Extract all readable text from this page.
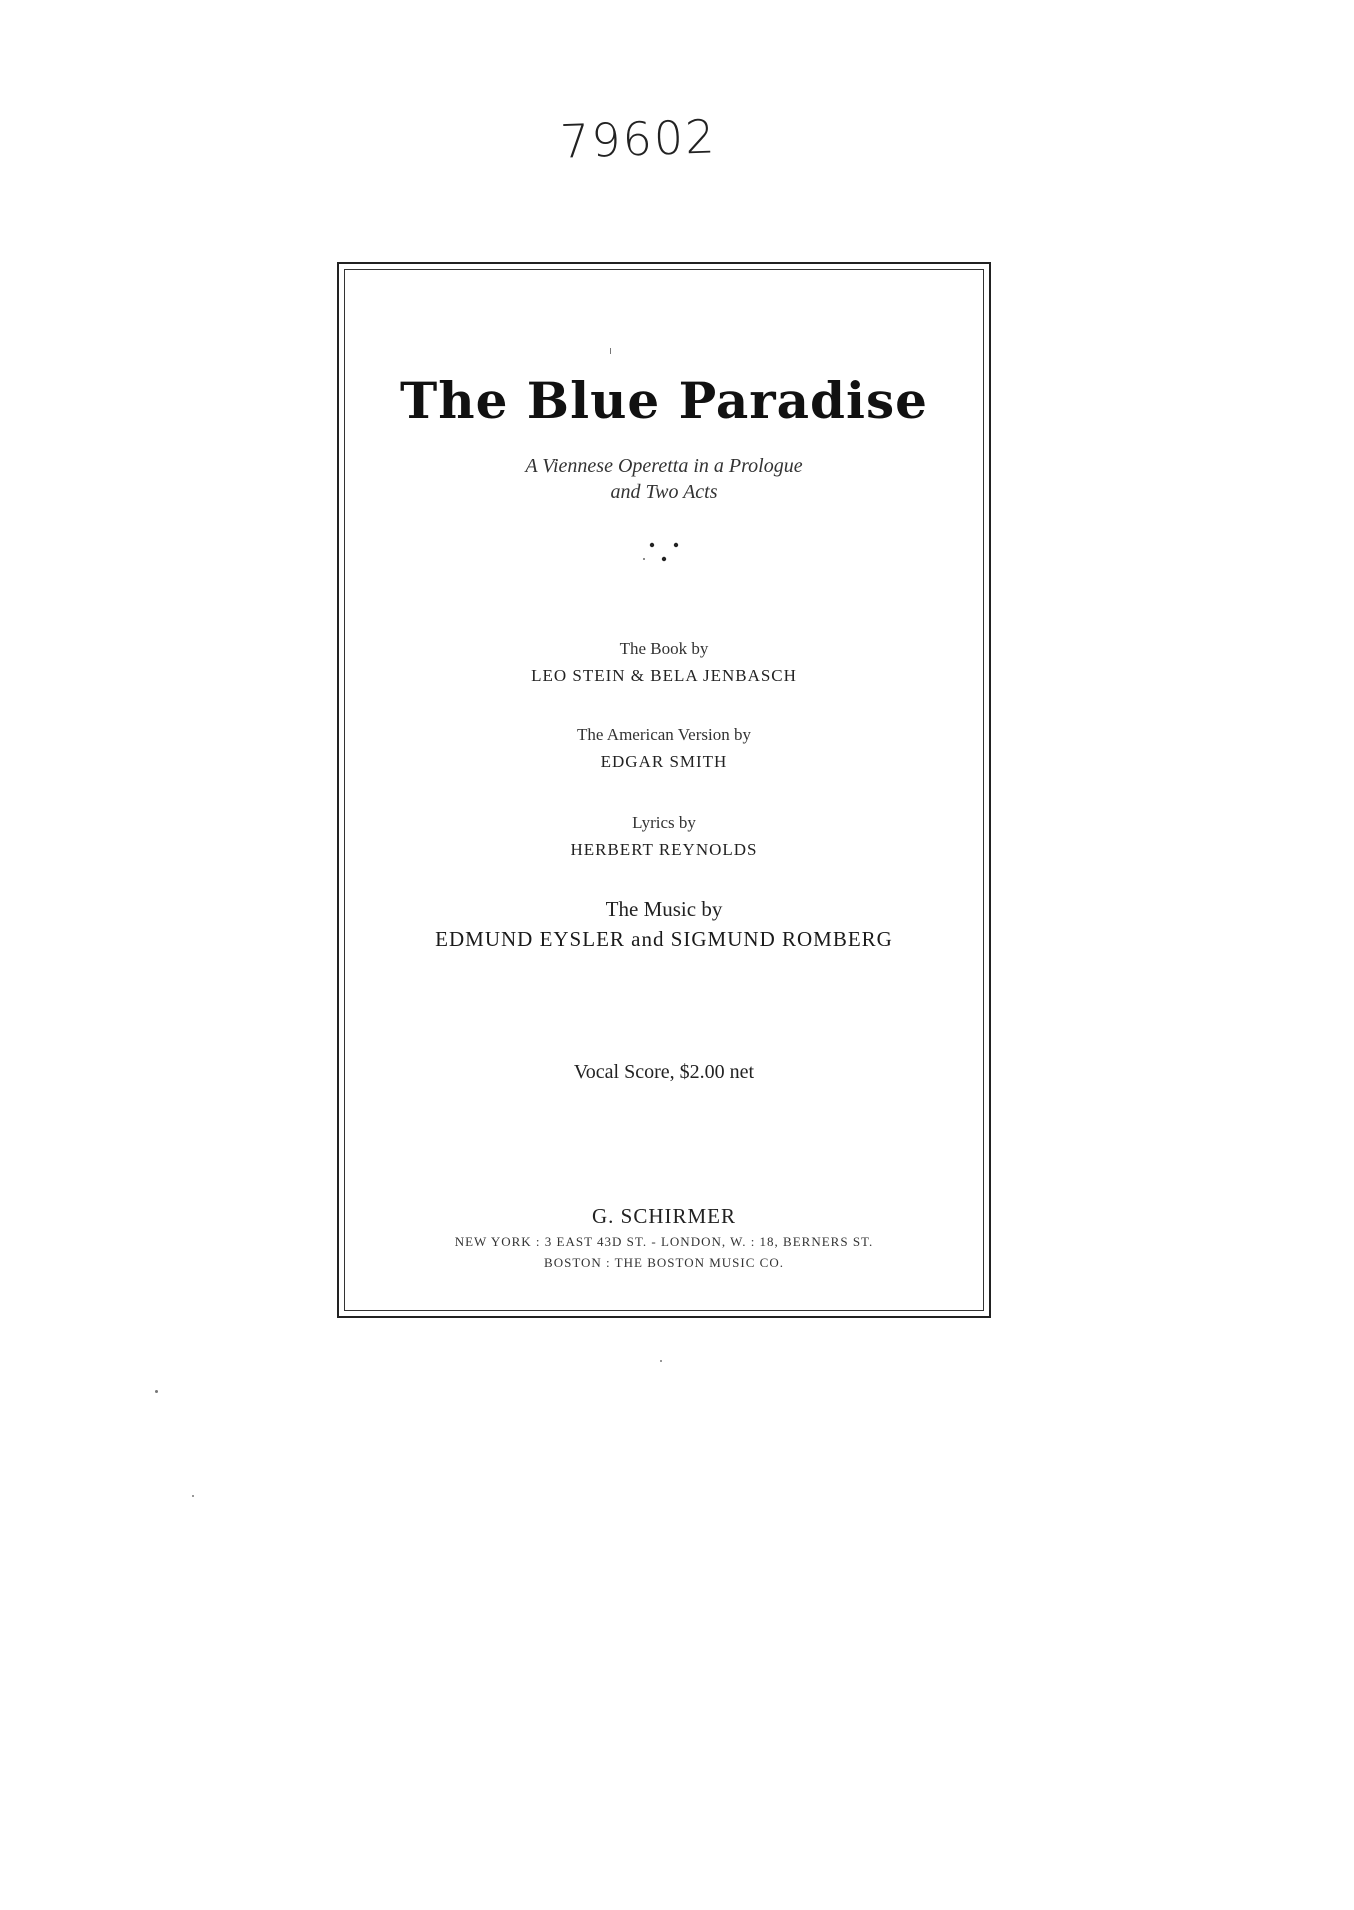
79602
The Blue Paradise
A Viennese Operetta in a Prologue
and Two Acts
The Book by
LEO STEIN & BELA JENBASCH
The American Version by
EDGAR SMITH
Lyrics by
HERBERT REYNOLDS
The Music by
EDMUND EYSLER and SIGMUND ROMBERG
Vocal Score, $2.00 net
G. SCHIRMER
NEW YORK : 3 EAST 43D ST. - LONDON, W. : 18, BERNERS ST.
BOSTON : THE BOSTON MUSIC CO.
